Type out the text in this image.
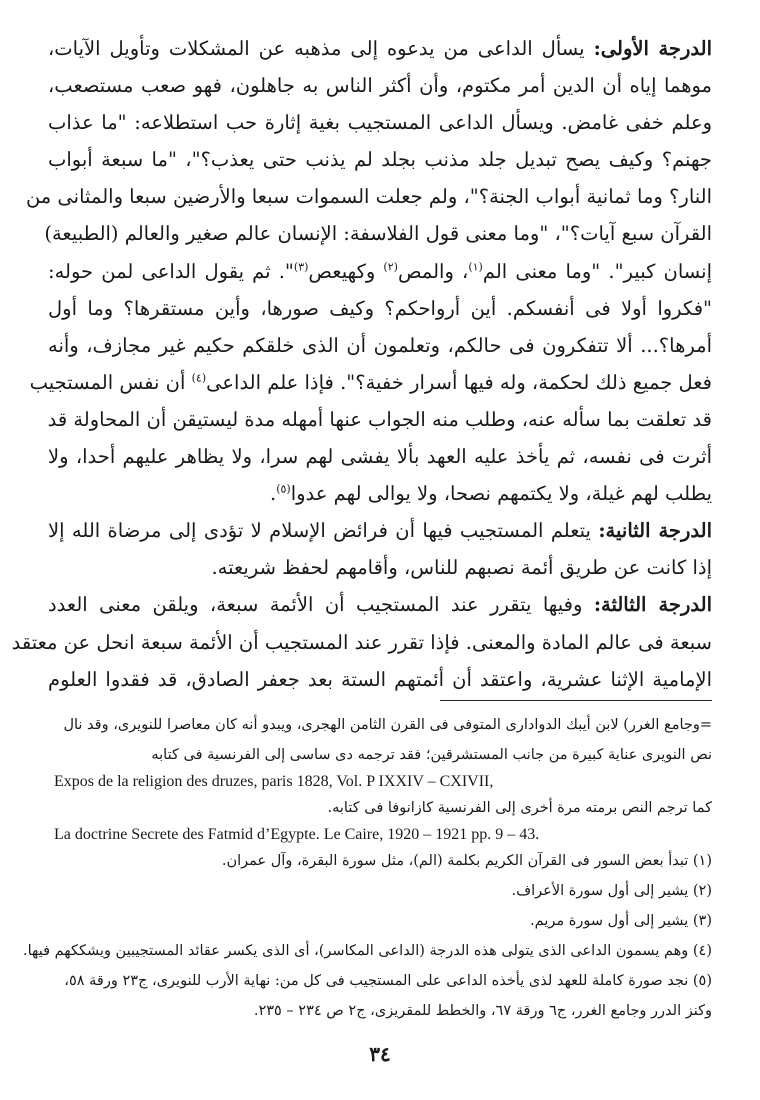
الدرجة الأولى: يسأل الداعى من يدعوه إلى مذهبه عن المشكلات وتأويل الآيات،
موهما إياه أن الدين أمر مكتوم، وأن أكثر الناس به جاهلون، فهو صعب مستصعب،
وعلم خفى غامض. ويسأل الداعى المستجيب بغية إثارة حب استطلاعه: "ما عذاب
جهنم؟ وكيف يصح تبديل جلد مذنب بجلد لم يذنب حتى يعذب؟"، "ما سبعة أبواب
النار؟ وما ثمانية أبواب الجنة؟"، ولم جعلت السموات سبعا والأرضين سبعا والمثانى من
القرآن سبع آيات؟"، "وما معنى قول الفلاسفة: الإنسان عالم صغير والعالم (الطبيعة)
إنسان كبير". "وما معنى الم$^{(١)}$، والمص$^{(٢)}$ وكهيعص$^{(٣)}$". ثم يقول الداعى لمن حوله:
"فكروا أولا فى أنفسكم. أين أرواحكم؟ وكيف صورها، وأين مستقرها؟ وما أول
أمرها؟... ألا تتفكرون فى حالكم، وتعلمون أن الذى خلقكم حكيم غير مجازف، وأنه
فعل جميع ذلك لحكمة، وله فيها أسرار خفية؟". فإذا علم الداعى$^{(٤)}$ أن نفس المستجيب
قد تعلقت بما سأله عنه، وطلب منه الجواب عنها أمهله مدة ليستيقن أن المحاولة قد
أثرت فى نفسه، ثم يأخذ عليه العهد بألا يفشى لهم سرا، ولا يظاهر عليهم أحدا، ولا
يطلب لهم غيلة، ولا يكتمهم نصحا، ولا يوالى لهم عدوا$^{(٥)}$.
الدرجة الثانية: يتعلم المستجيب فيها أن فرائض الإسلام لا تؤدى إلى مرضاة الله إلا
إذا كانت عن طريق أئمة نصبهم للناس، وأقامهم لحفظ شريعته.
الدرجة الثالثة: وفيها يتقرر عند المستجيب أن الأئمة سبعة، ويلقن معنى العدد
سبعة فى عالم المادة والمعنى. فإذا تقرر عند المستجيب أن الأئمة سبعة انحل عن معتقد
الإمامية الإثنا عشرية، واعتقد أن أئمتهم الستة بعد جعفر الصادق، قد فقدوا العلوم
=وجامع الغرر) لابن أيبك الدوادارى المتوفى فى القرن الثامن الهجرى، ويبدو أنه كان معاصرا للنويرى، وقد نال
نص النويرى عناية كبيرة من جانب المستشرقين؛ فقد ترجمه دى ساسى إلى الفرنسية فى كتابه
Expos de la religion des druzes, paris 1828, Vol. P IXXIV – CXIVII,
كما ترجم النص برمته مرة أخرى إلى الفرنسية كازانوفا فى كتابه.
La doctrine Secrete des Fatmid d’Egypte. Le Caire, 1920 – 1921 pp. 9 – 43.
(١) تبدأ بعض السور فى القرآن الكريم بكلمة (الم)، مثل سورة البقرة، وآل عمران.
(٢) يشير إلى أول سورة الأعراف.
(٣) يشير إلى أول سورة مريم.
(٤) وهم يسمون الداعى الذى يتولى هذه الدرجة (الداعى المكاسر)، أى الذى يكسر عقائد المستجيبين ويشككهم فيها.
(٥) نجد صورة كاملة للعهد لذى يأخذه الداعى على المستجيب فى كل من: نهاية الأرب للنويرى، ج٢٣ ورقة ٥٨،
وكنز الدرر وجامع الغرر، ج٦ ورقة ٦٧، والخطط للمقريزى، ج٢ ص ٢٣٤ – ٢٣٥.
٣٤
